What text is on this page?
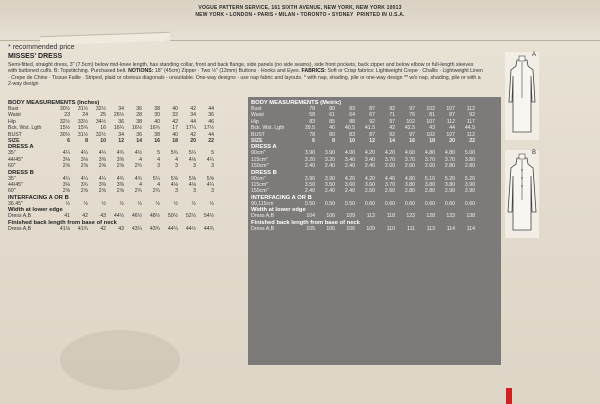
VOGUE PATTERN SERVICE, 161 SIXTH AVENUE, NEW YORK, NEW YORK 10013
NEW YORK • LONDON • PARIS • MILAN • TORONTO • SYDNEY PRINTED IN U.S.A.
* recommended price
MISSES' DRESS
Semi-fitted, straight dress, 3" (7.5cm) below mid-knee length, has standing collar, front and back flange, side panels (no side seams), side front pockets, back zipper and below elbow or full-length sleeves with buttoned cuffs. B: Topstitching. Purchased belt. NOTIONS: 18" (45cm) Zipper · Two ½" (13mm) Buttons · Hooks and Eyes. FABRICS: Soft or Crisp fabrics: Lightweight Crepe · Challis · Lightweight Linen · Crepe de Chine · Tissue Faille . Striped, plaid or obvious diagonals - unsuitable. One-way designs - use nap fabric and layouts. * with nap, shading, pile or one-way design ** w/o nap, shading, pile or with a 2-way design
BODY MEASUREMENTS (Inches)
Bust	30½	31½	32½	34	36	38	40	42	44
Waist	23	24	25	26½	28	30	32	34	36
Hip	32½	33½	34½	36	38	40	42	44	46
Bck. Wst. Lgth	15½	15¾	16	16¼	16½	16¾	17	17¼	17½
BUST	30½	31½	32½	34	36	38	40	42	44
SIZE	6	8	10	12	14	16	18	20	22
DRESS A
35"	4¼	4¼	4¼	4¾	4½	5	5¾	5¼	5
44/45"	3⅛	3⅛	3⅜	3⅜	4	4	4	4⅛	4¼
60"	2⅝	2⅝	2⅝	2⅝	2¾	3	3	3	3
DRESS B
35"	4¼	4¼	4¼	4¾	4¾	5¼	5⅝	5⅝	5⅝
44/45"	3⅛	3¾	3⅜	3⅜	4	4	4⅛	4⅛	4¼
60"	2⅝	2⅝	2⅝	2⅝	2¾	2¾	3	3	3
INTERFACING A OR B
36.45"	½	½	½	½	½	½	½	½	½
Width at lower edge
Dress A,B	41	42	43	44½	46½	48½	50½	52½	54½
Finished back length from base of neck
Dress A,B	41⅛	41¾	42	43	43¼	43¾	44¼	44½	44¾
BODY MEASUREMENTS (Metric)
Bust	78	80	83	87	92	97	102	107	112
Waist	58	61	64	67	71	76	81	87	92
Hip	83	85	88	92	97	102	107	112	117
Bck. Wst. Lgth	39.5	40	40.5	41.5	42	42.5	43	44	44.5
BUST	78	80	83	87	92	97	102	107	112
SIZE	6	8	10	12	14	16	18	20	22
DRESS A
90cm"	3.90	3.90	4.00	4.20	4.20	4.60	4.80	4.80	5.00
115cm"	3.20	3.20	3.40	3.40	3.70	3.70	3.70	3.70	3.80
150cm"	2.40	2.40	2.40	2.40	2.60	2.60	2.60	2.80	2.80
DRESS B
90cm"	3.90	3.90	4.20	4.20	4.40	4.80	5.10	5.20	5.20
115cm"	3.50	3.50	3.60	3.60	3.70	3.80	3.80	3.80	3.90
150cm"	2.40	2.40	2.40	2.50	2.60	2.80	2.80	2.90	2.90
INTERFACING A OR B
90,115cm	0.50	0.50	0.50	0.60	0.60	0.60	0.60	0.60	0.60
Width at lower edge
Dress A,B	104	106	109	113	118	123	128	133	138
Finished back length from base of neck
Dress A,B	105	106	106	109	110	111	113	114	114
A
B
